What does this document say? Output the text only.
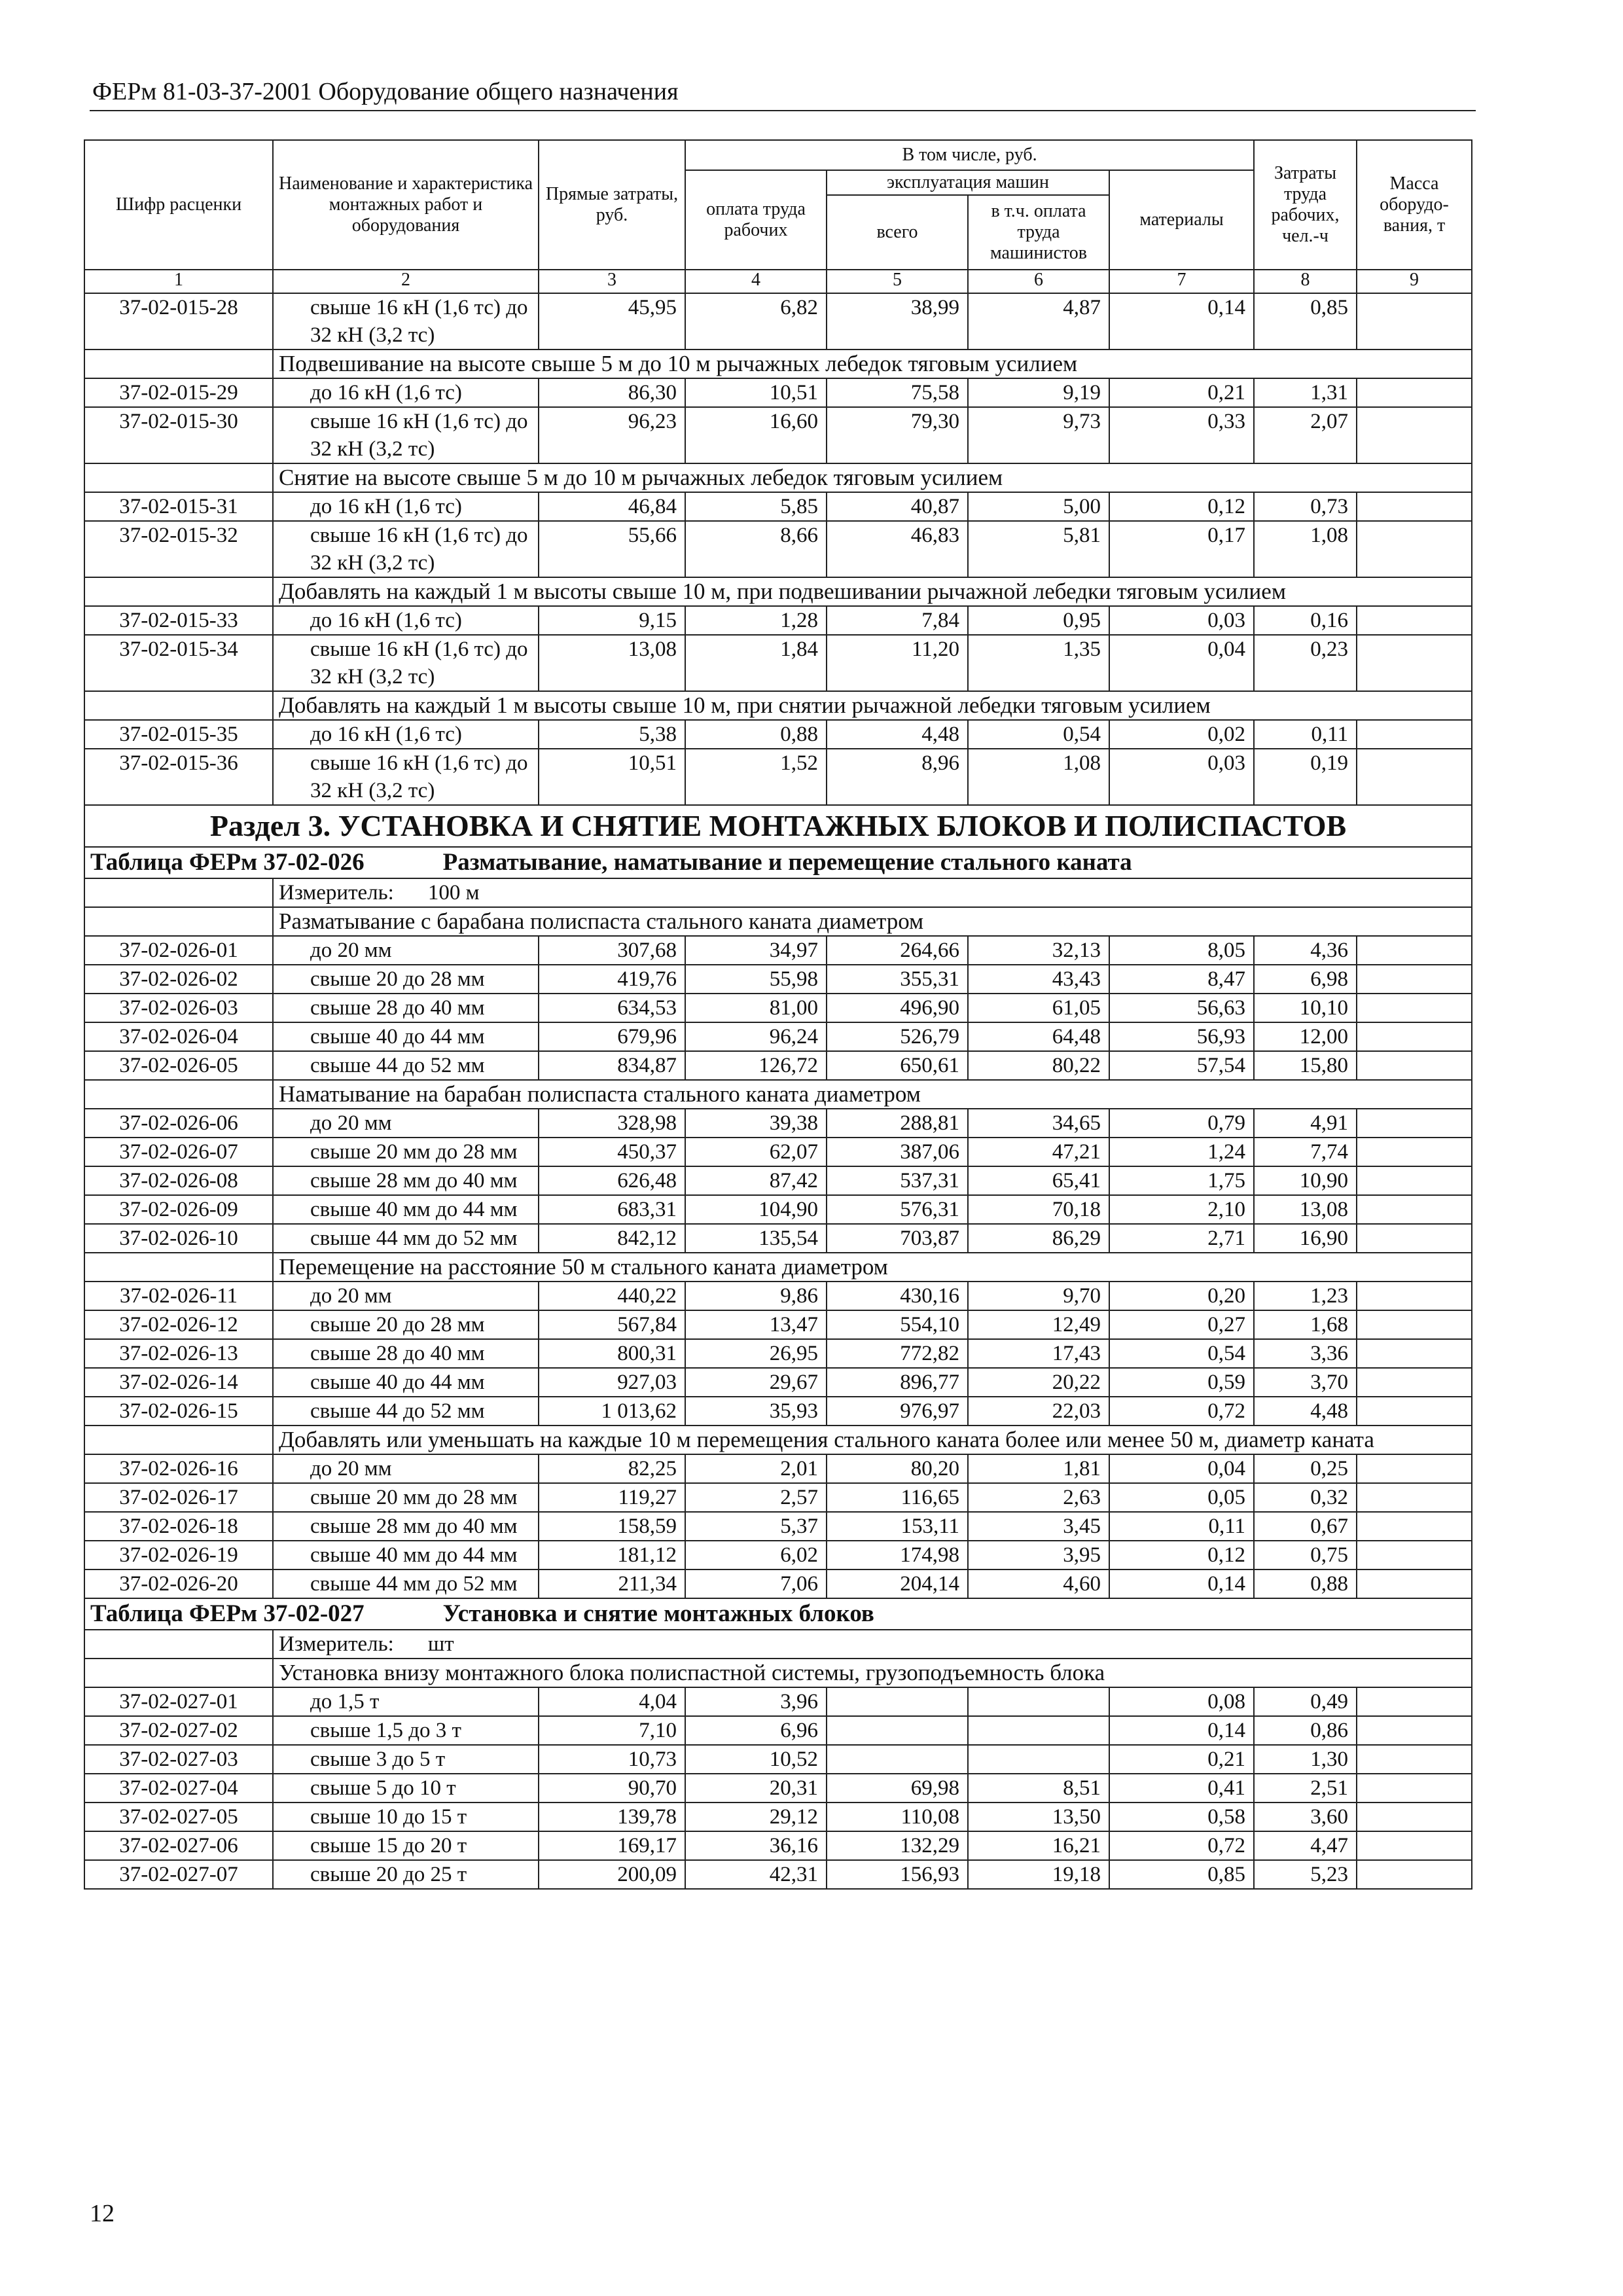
ФЕРм 81-03-37-2001 Оборудование общего назначения
Шифр расценки	Наименование и характеристика монтажных работ и оборудования	Прямые затраты, руб.	В том числе, руб.				Затраты труда рабочих, чел.-ч	Масса оборудо-вания, т
			оплата труда рабочих	эксплуатация машин		материалы		
				всего	в т.ч. оплата труда машинистов			
1	2	3	4	5	6	7	8	9
37-02-015-28	свыше 16 кН (1,6 тс) до 32 кН (3,2 тс)	45,95	6,82	38,99	4,87	0,14	0,85	
	Подвешивание на высоте свыше 5 м до 10 м рычажных лебедок тяговым усилием							
37-02-015-29	до 16 кН (1,6 тс)	86,30	10,51	75,58	9,19	0,21	1,31	
37-02-015-30	свыше 16 кН (1,6 тс) до 32 кН (3,2 тс)	96,23	16,60	79,30	9,73	0,33	2,07	
	Снятие на высоте свыше 5 м до 10 м рычажных лебедок тяговым усилием							
37-02-015-31	до 16 кН (1,6 тс)	46,84	5,85	40,87	5,00	0,12	0,73	
37-02-015-32	свыше 16 кН (1,6 тс) до 32 кН (3,2 тс)	55,66	8,66	46,83	5,81	0,17	1,08	
	Добавлять на каждый 1 м высоты свыше 10 м, при подвешивании рычажной лебедки тяговым усилием							
37-02-015-33	до 16 кН (1,6 тс)	9,15	1,28	7,84	0,95	0,03	0,16	
37-02-015-34	свыше 16 кН (1,6 тс) до 32 кН (3,2 тс)	13,08	1,84	11,20	1,35	0,04	0,23	
	Добавлять на каждый 1 м высоты свыше 10 м, при снятии рычажной лебедки тяговым усилием							
37-02-015-35	до 16 кН (1,6 тс)	5,38	0,88	4,48	0,54	0,02	0,11	
37-02-015-36	свыше 16 кН (1,6 тс) до 32 кН (3,2 тс)	10,51	1,52	8,96	1,08	0,03	0,19	
Раздел 3. УСТАНОВКА И СНЯТИЕ МОНТАЖНЫХ БЛОКОВ И ПОЛИСПАСТОВ								
Таблица ФЕРм 37-02-026 Разматывание, наматывание и перемещение стального каната								
	Измеритель: 100 м							
	Разматывание с барабана полиспаста стального каната диаметром							
37-02-026-01	до 20 мм	307,68	34,97	264,66	32,13	8,05	4,36	
37-02-026-02	свыше 20 до 28 мм	419,76	55,98	355,31	43,43	8,47	6,98	
37-02-026-03	свыше 28 до 40 мм	634,53	81,00	496,90	61,05	56,63	10,10	
37-02-026-04	свыше 40 до 44 мм	679,96	96,24	526,79	64,48	56,93	12,00	
37-02-026-05	свыше 44 до 52 мм	834,87	126,72	650,61	80,22	57,54	15,80	
	Наматывание на барабан полиспаста стального каната диаметром							
37-02-026-06	до 20 мм	328,98	39,38	288,81	34,65	0,79	4,91	
37-02-026-07	свыше 20 мм до 28 мм	450,37	62,07	387,06	47,21	1,24	7,74	
37-02-026-08	свыше 28 мм до 40 мм	626,48	87,42	537,31	65,41	1,75	10,90	
37-02-026-09	свыше 40 мм до 44 мм	683,31	104,90	576,31	70,18	2,10	13,08	
37-02-026-10	свыше 44 мм до 52 мм	842,12	135,54	703,87	86,29	2,71	16,90	
	Перемещение на расстояние 50 м стального каната диаметром							
37-02-026-11	до 20 мм	440,22	9,86	430,16	9,70	0,20	1,23	
37-02-026-12	свыше 20 до 28 мм	567,84	13,47	554,10	12,49	0,27	1,68	
37-02-026-13	свыше 28 до 40 мм	800,31	26,95	772,82	17,43	0,54	3,36	
37-02-026-14	свыше 40 до 44 мм	927,03	29,67	896,77	20,22	0,59	3,70	
37-02-026-15	свыше 44 до 52 мм	1 013,62	35,93	976,97	22,03	0,72	4,48	
	Добавлять или уменьшать на каждые 10 м перемещения стального каната более или менее 50 м, диаметр каната							
37-02-026-16	до 20 мм	82,25	2,01	80,20	1,81	0,04	0,25	
37-02-026-17	свыше 20 мм до 28 мм	119,27	2,57	116,65	2,63	0,05	0,32	
37-02-026-18	свыше 28 мм до 40 мм	158,59	5,37	153,11	3,45	0,11	0,67	
37-02-026-19	свыше 40 мм до 44 мм	181,12	6,02	174,98	3,95	0,12	0,75	
37-02-026-20	свыше 44 мм до 52 мм	211,34	7,06	204,14	4,60	0,14	0,88	
Таблица ФЕРм 37-02-027 Установка и снятие монтажных блоков								
	Измеритель: шт							
	Установка внизу монтажного блока полиспастной системы, грузоподъемность блока							
37-02-027-01	до 1,5 т	4,04	3,96			0,08	0,49	
37-02-027-02	свыше 1,5 до 3 т	7,10	6,96			0,14	0,86	
37-02-027-03	свыше 3 до 5 т	10,73	10,52			0,21	1,30	
37-02-027-04	свыше 5 до 10 т	90,70	20,31	69,98	8,51	0,41	2,51	
37-02-027-05	свыше 10 до 15 т	139,78	29,12	110,08	13,50	0,58	3,60	
37-02-027-06	свыше 15 до 20 т	169,17	36,16	132,29	16,21	0,72	4,47	
37-02-027-07	свыше 20 до 25 т	200,09	42,31	156,93	19,18	0,85	5,23	
12
